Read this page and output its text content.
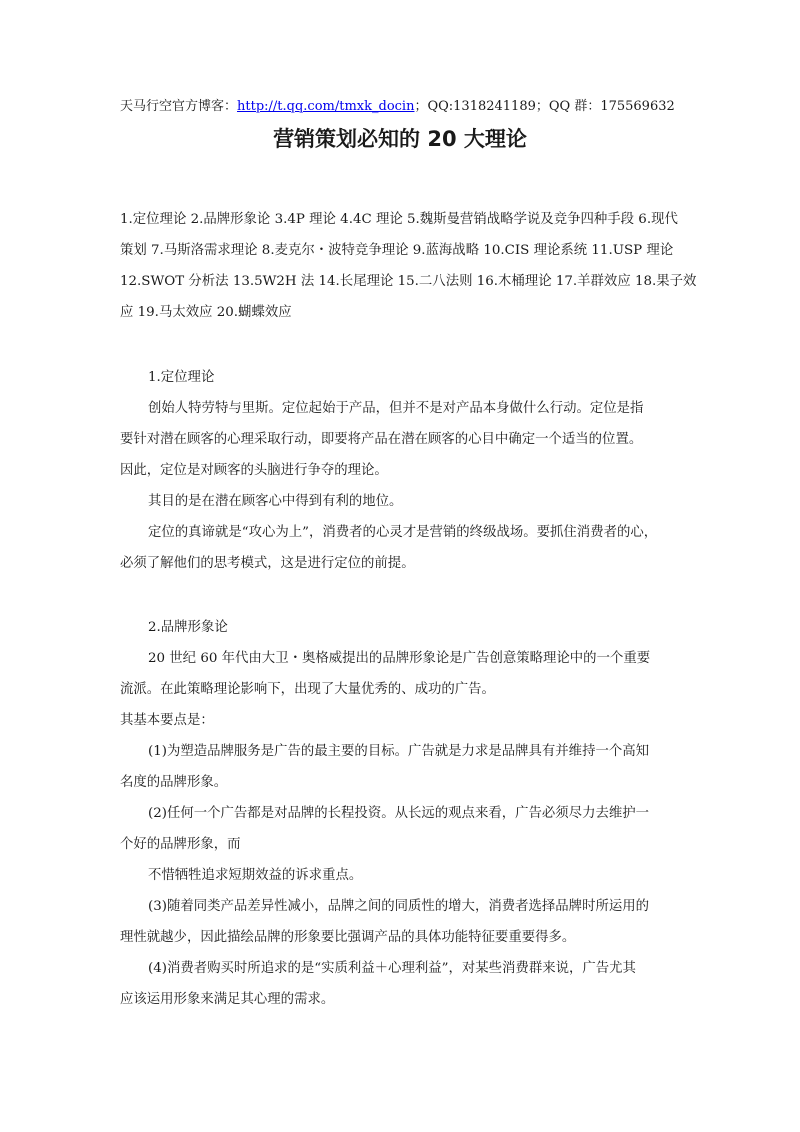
天马行空官方博客：http://t.qq.com/tmxk_docin；QQ:1318241189；QQ 群：175569632
营销策划必知的 20 大理论
1.定位理论 2.品牌形象论 3.4P 理论 4.4C 理论 5.魏斯曼营销战略学说及竞争四种手段 6.现代
策划 7.马斯洛需求理论 8.麦克尔・波特竞争理论 9.蓝海战略 10.CIS 理论系统 11.USP 理论
12.SWOT 分析法 13.5W2H 法 14.长尾理论 15.二八法则 16.木桶理论 17.羊群效应 18.果子效
应 19.马太效应 20.蝴蝶效应
1.定位理论
创始人特劳特与里斯。定位起始于产品，但并不是对产品本身做什么行动。定位是指
要针对潜在顾客的心理采取行动，即要将产品在潜在顾客的心目中确定一个适当的位置。
因此，定位是对顾客的头脑进行争夺的理论。
其目的是在潜在顾客心中得到有利的地位。
定位的真谛就是“攻心为上”，消费者的心灵才是营销的终级战场。要抓住消费者的心，
必须了解他们的思考模式，这是进行定位的前提。
2.品牌形象论
20 世纪 60 年代由大卫・奥格威提出的品牌形象论是广告创意策略理论中的一个重要
流派。在此策略理论影响下，出现了大量优秀的、成功的广告。
其基本要点是：
(1)为塑造品牌服务是广告的最主要的目标。广告就是力求是品牌具有并维持一个高知
名度的品牌形象。
(2)任何一个广告都是对品牌的长程投资。从长远的观点来看，广告必须尽力去维护一
个好的品牌形象，而
不惜牺牲追求短期效益的诉求重点。
(3)随着同类产品差异性减小，品牌之间的同质性的增大，消费者选择品牌时所运用的
理性就越少，因此描绘品牌的形象要比强调产品的具体功能特征要重要得多。
(4)消费者购买时所追求的是“实质利益＋心理利益”，对某些消费群来说，广告尤其
应该运用形象来满足其心理的需求。
